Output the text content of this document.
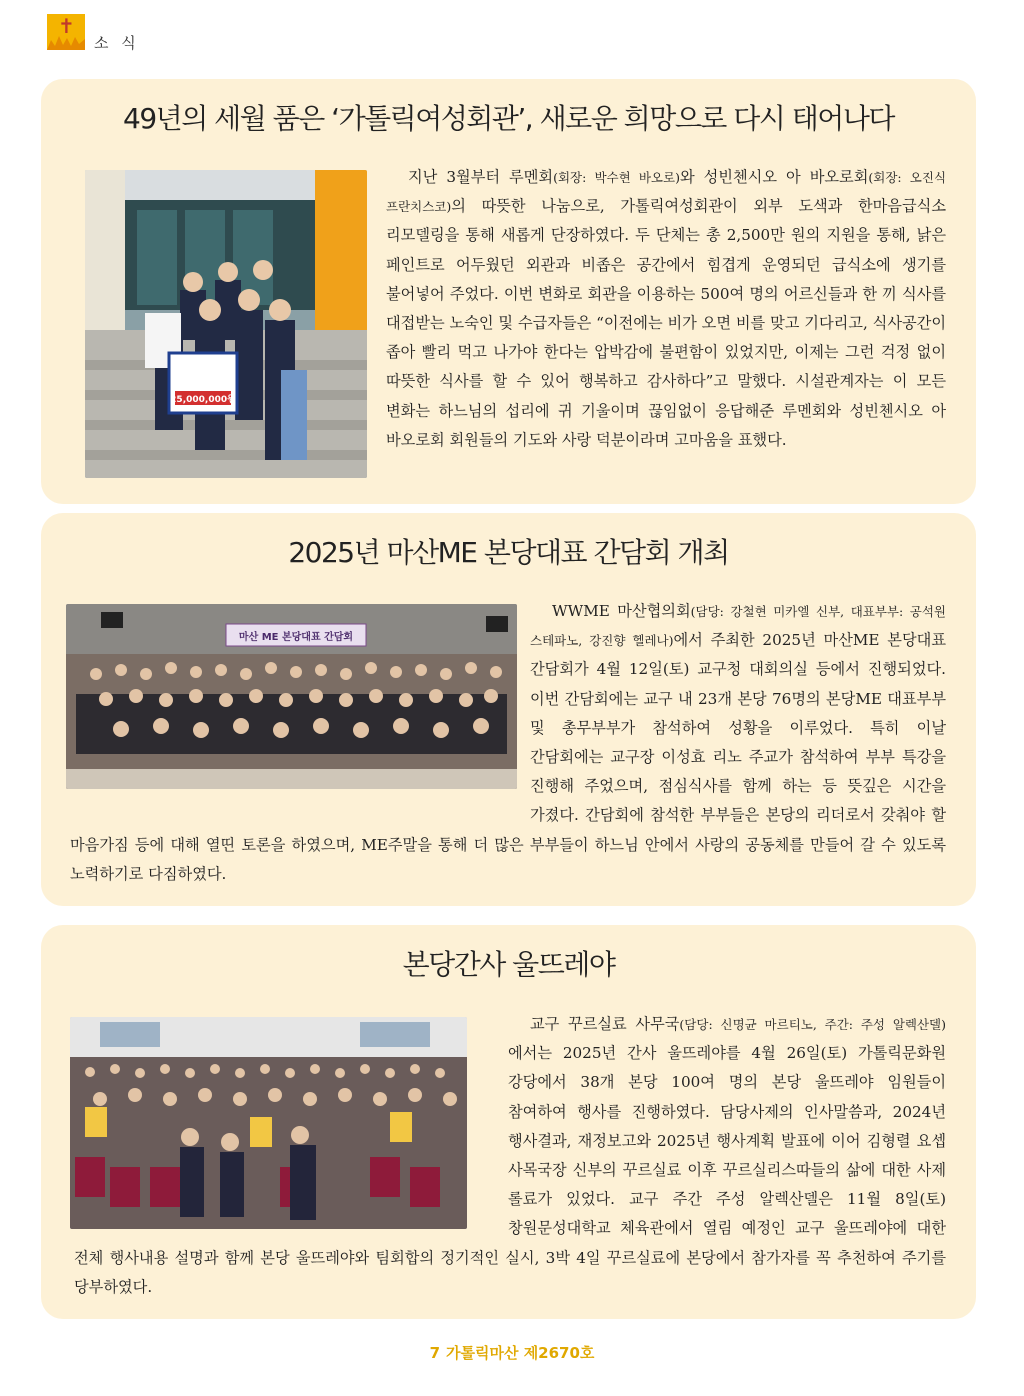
✝
소 식
49년의 세월 품은 ‘가톨릭여성회관’, 새로운 희망으로 다시 태어나다
25,000,000원
지난 3월부터 루멘회(회장: 박수현 바오로)와 성빈첸시오 아 바오로회(회장: 오진식 프란치스코)의 따뜻한 나눔으로, 가톨릭여성회관이 외부 도색과 한마음급식소 리모델링을 통해 새롭게 단장하였다. 두 단체는 총 2,500만 원의 지원을 통해, 낡은 페인트로 어두웠던 외관과 비좁은 공간에서 힘겹게 운영되던 급식소에 생기를 불어넣어 주었다. 이번 변화로 회관을 이용하는 500여 명의 어르신들과 한 끼 식사를 대접받는 노숙인 및 수급자들은 “이전에는 비가 오면 비를 맞고 기다리고, 식사공간이 좁아 빨리 먹고 나가야 한다는 압박감에 불편함이 있었지만, 이제는 그런 걱정 없이 따뜻한 식사를 할 수 있어 행복하고 감사하다”고 말했다. 시설관계자는 이 모든 변화는 하느님의 섭리에 귀 기울이며 끊임없이 응답해준 루멘회와 성빈첸시오 아 바오로회 회원들의 기도와 사랑 덕분이라며 고마움을 표했다.
2025년 마산ME 본당대표 간담회 개최
마산 ME 본당대표 간담회
WWME 마산협의회(담당: 강철현 미카엘 신부, 대표부부: 공석원 스테파노, 강진향 헬레나)에서 주최한 2025년 마산ME 본당대표 간담회가 4월 12일(토) 교구청 대회의실 등에서 진행되었다. 이번 간담회에는 교구 내 23개 본당 76명의 본당ME 대표부부 및 총무부부가 참석하여 성황을 이루었다. 특히 이날 간담회에는 교구장 이성효 리노 주교가 참석하여 부부 특강을 진행해 주었으며, 점심식사를 함께 하는 등 뜻깊은 시간을 가졌다. 간담회에 참석한 부부들은 본당의 리더로서 갖춰야 할 마음가짐 등에 대해 열띤 토론을 하였으며, ME주말을 통해 더 많은 부부들이 하느님 안에서 사랑의 공동체를 만들어 갈 수 있도록 노력하기로 다짐하였다.
본당간사 울뜨레야
교구 꾸르실료 사무국(담당: 신명균 마르티노, 주간: 주성 알렉산델)에서는 2025년 간사 울뜨레야를 4월 26일(토) 가톨릭문화원 강당에서 38개 본당 100여 명의 본당 울뜨레야 임원들이 참여하여 행사를 진행하였다. 담당사제의 인사말씀과, 2024년 행사결과, 재정보고와 2025년 행사계획 발표에 이어 김형렬 요셉 사목국장 신부의 꾸르실료 이후 꾸르실리스따들의 삶에 대한 사제 롤료가 있었다. 교구 주간 주성 알렉산델은 11월 8일(토) 창원문성대학교 체육관에서 열림 예정인 교구 울뜨레야에 대한 전체 행사내용 설명과 함께 본당 울뜨레야와 팀회합의 정기적인 실시, 3박 4일 꾸르실료에 본당에서 참가자를 꼭 추천하여 주기를 당부하였다.
7 가톨릭마산 제2670호
